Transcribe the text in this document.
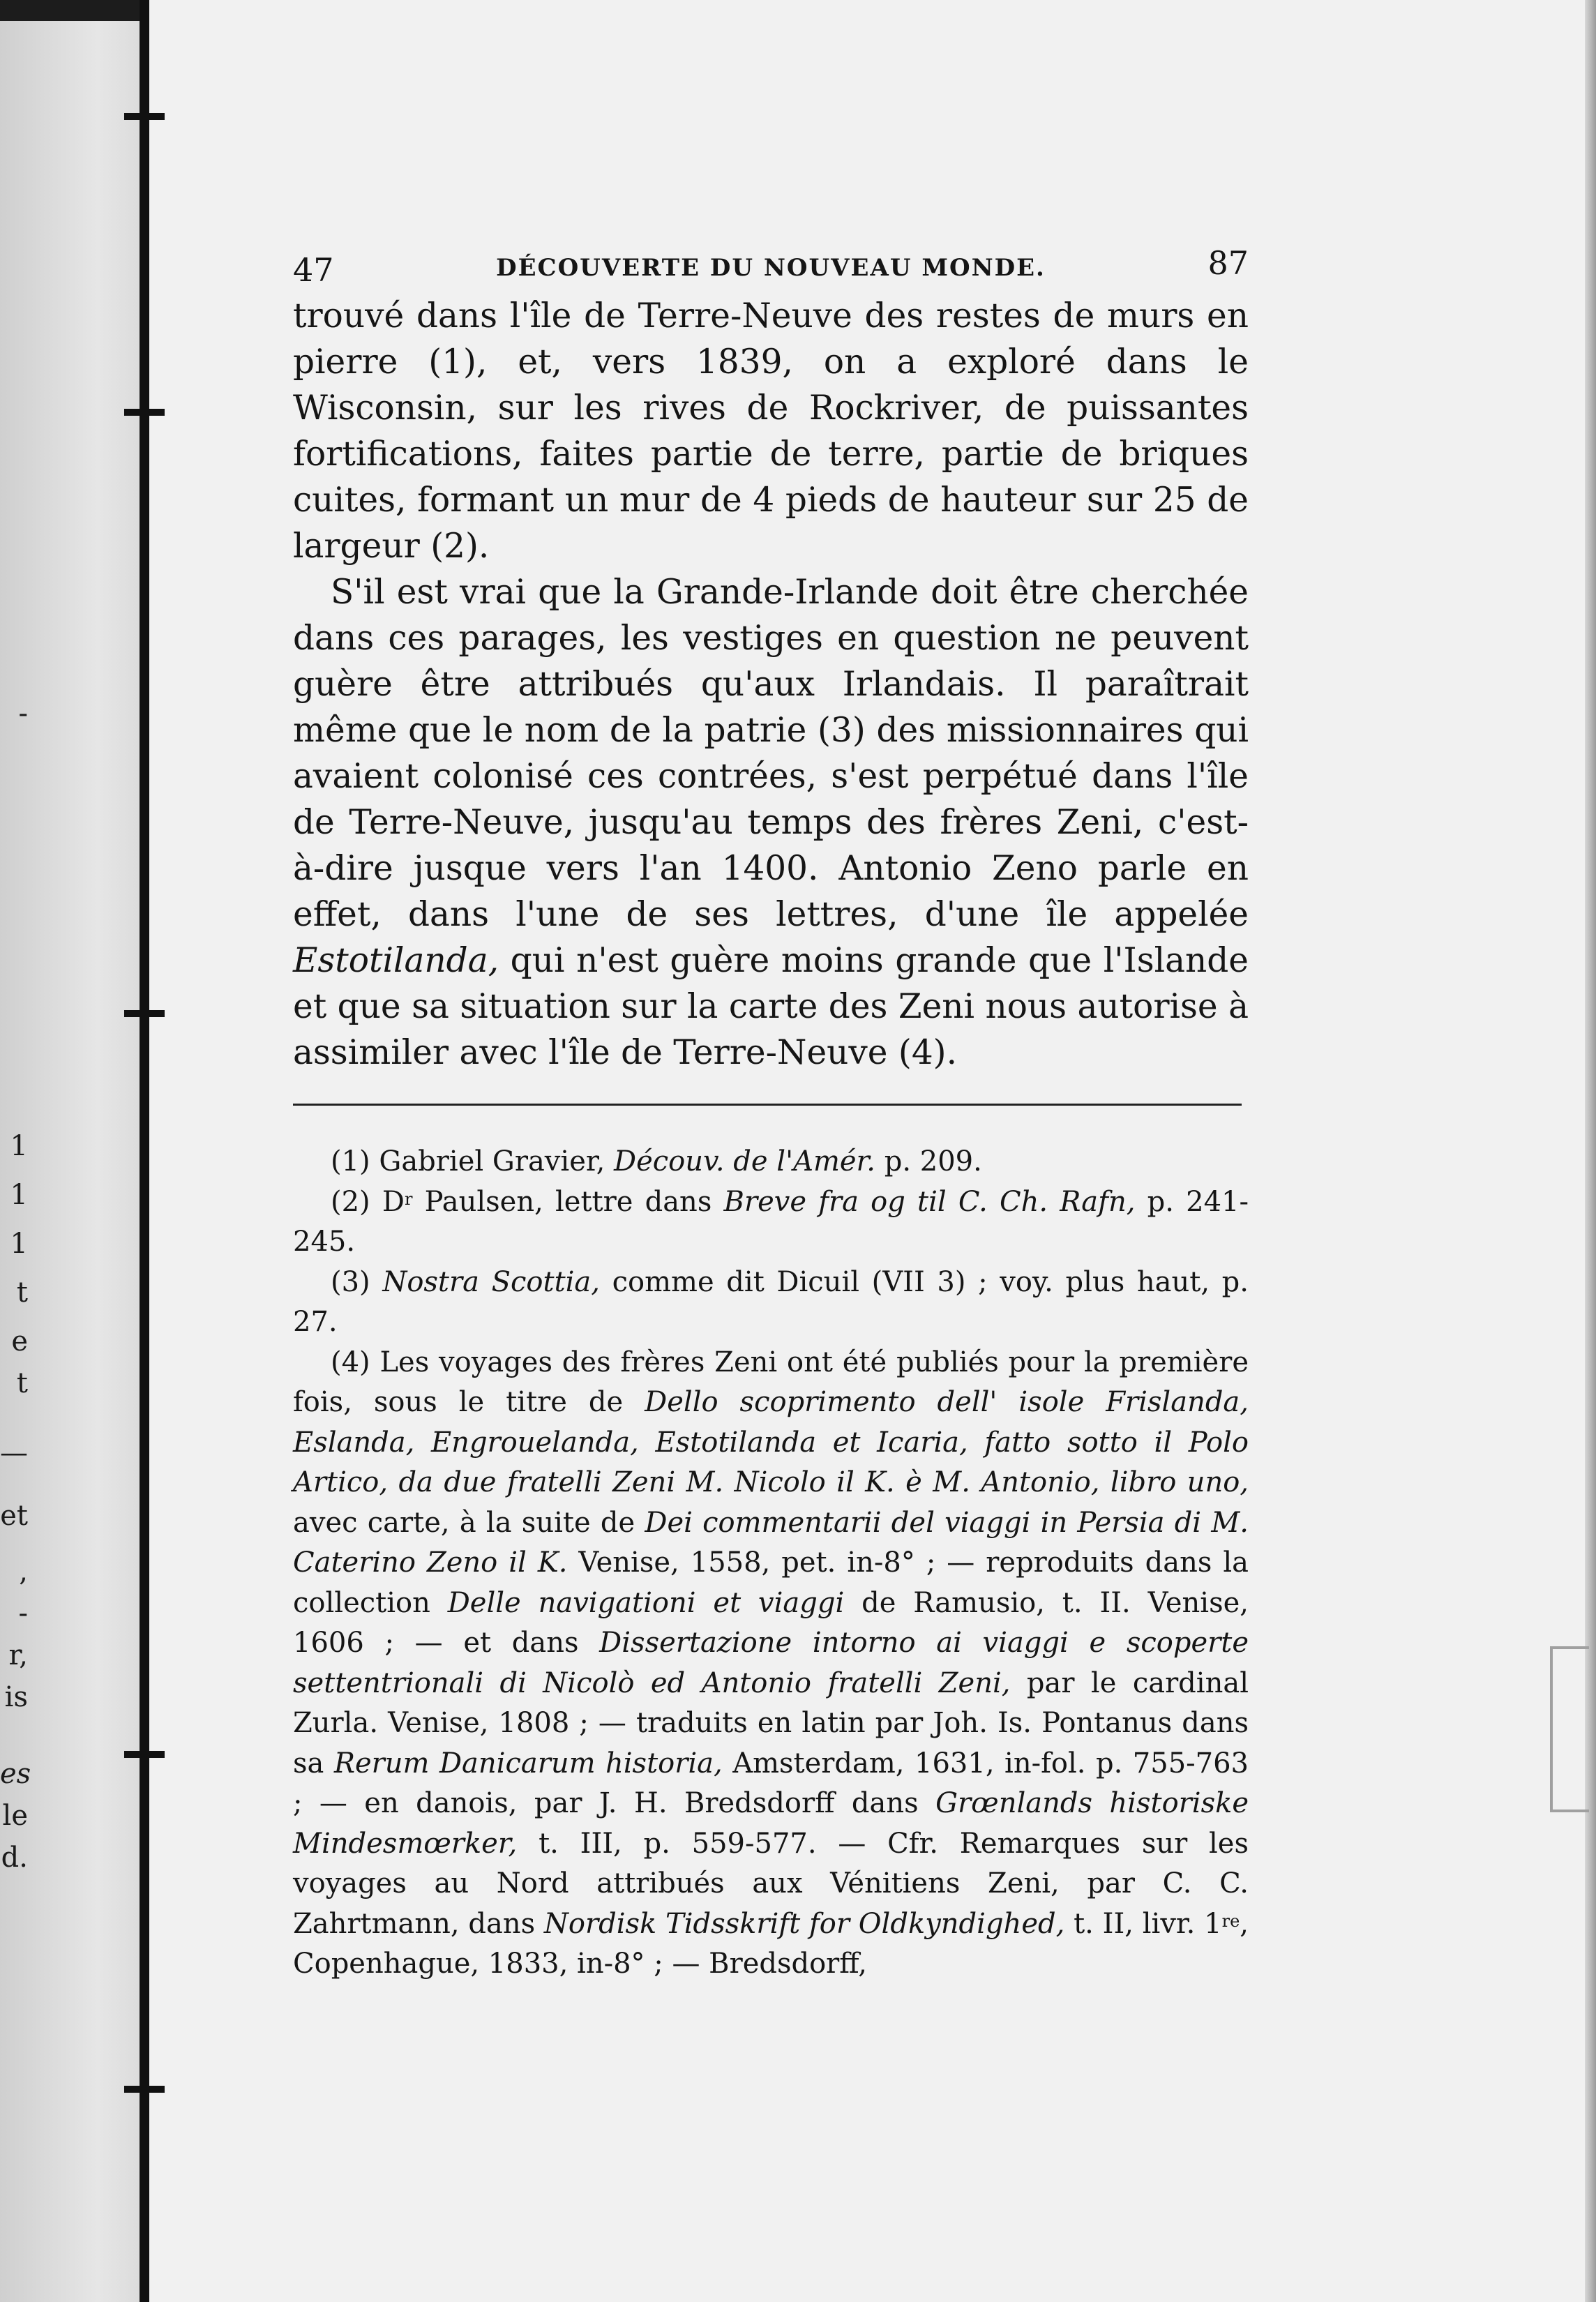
-
1
1
1
t
e
t
—
et
,
-
r,
is
es
le
d.
47	DÉCOUVERTE DU NOUVEAU MONDE.	87

trouvé dans l'île de Terre-Neuve des restes de murs en pierre (1), et, vers 1839, on a exploré dans le Wisconsin, sur les rives de Rockriver, de puissantes fortifications, faites partie de terre, partie de briques cuites, formant un mur de 4 pieds de hauteur sur 25 de largeur (2).

S'il est vrai que la Grande-Irlande doit être cherchée dans ces parages, les vestiges en question ne peuvent guère être attribués qu'aux Irlandais. Il paraîtrait même que le nom de la patrie (3) des missionnaires qui avaient colonisé ces contrées, s'est perpétué dans l'île de Terre-Neuve, jusqu'au temps des frères Zeni, c'est-à-dire jusque vers l'an 1400. Antonio Zeno parle en effet, dans l'une de ses lettres, d'une île appelée Estotilanda, qui n'est guère moins grande que l'Islande et que sa situation sur la carte des Zeni nous autorise à assimiler avec l'île de Terre-Neuve (4).

(1) Gabriel Gravier, Découv. de l'Amér. p. 209.

(2) $D^r$ Paulsen, lettre dans Breve fra og til C. Ch. Rafn, p. 241-245.

(3) Nostra Scottia, comme dit Dicuil (VII 3) ; voy. plus haut, p. 27.

(4) Les voyages des frères Zeni ont été publiés pour la première fois, sous le titre de Dello scoprimento dell' isole Frislanda, Eslanda, Engrouelanda, Estotilanda et Icaria, fatto sotto il Polo Artico, da due fratelli Zeni M. Nicolo il K. è M. Antonio, libro uno, avec carte, à la suite de Dei commentarii del viaggi in Persia di M. Caterino Zeno il K. Venise, 1558, pet. in-8° ; — reproduits dans la collection Delle navigationi et viaggi de Ramusio, t. II. Venise, 1606 ; — et dans Dissertazione intorno ai viaggi e scoperte settentrionali di Nicolò ed Antonio fratelli Zeni, par le cardinal Zurla. Venise, 1808 ; — traduits en latin par Joh. Is. Pontanus dans sa Rerum Danicarum historia, Amsterdam, 1631, in-fol. p. 755-763 ; — en danois, par J. H. Bredsdorff dans Grœnlands historiske Mindesmœrker, t. III, p. 559-577. — Cfr. Remarques sur les voyages au Nord attribués aux Vénitiens Zeni, par C. C. Zahrtmann, dans Nordisk Tidsskrift for Oldkyndighed, t. II, livr. 1re, Copenhague, 1833, in-8° ; — Bredsdorff,
